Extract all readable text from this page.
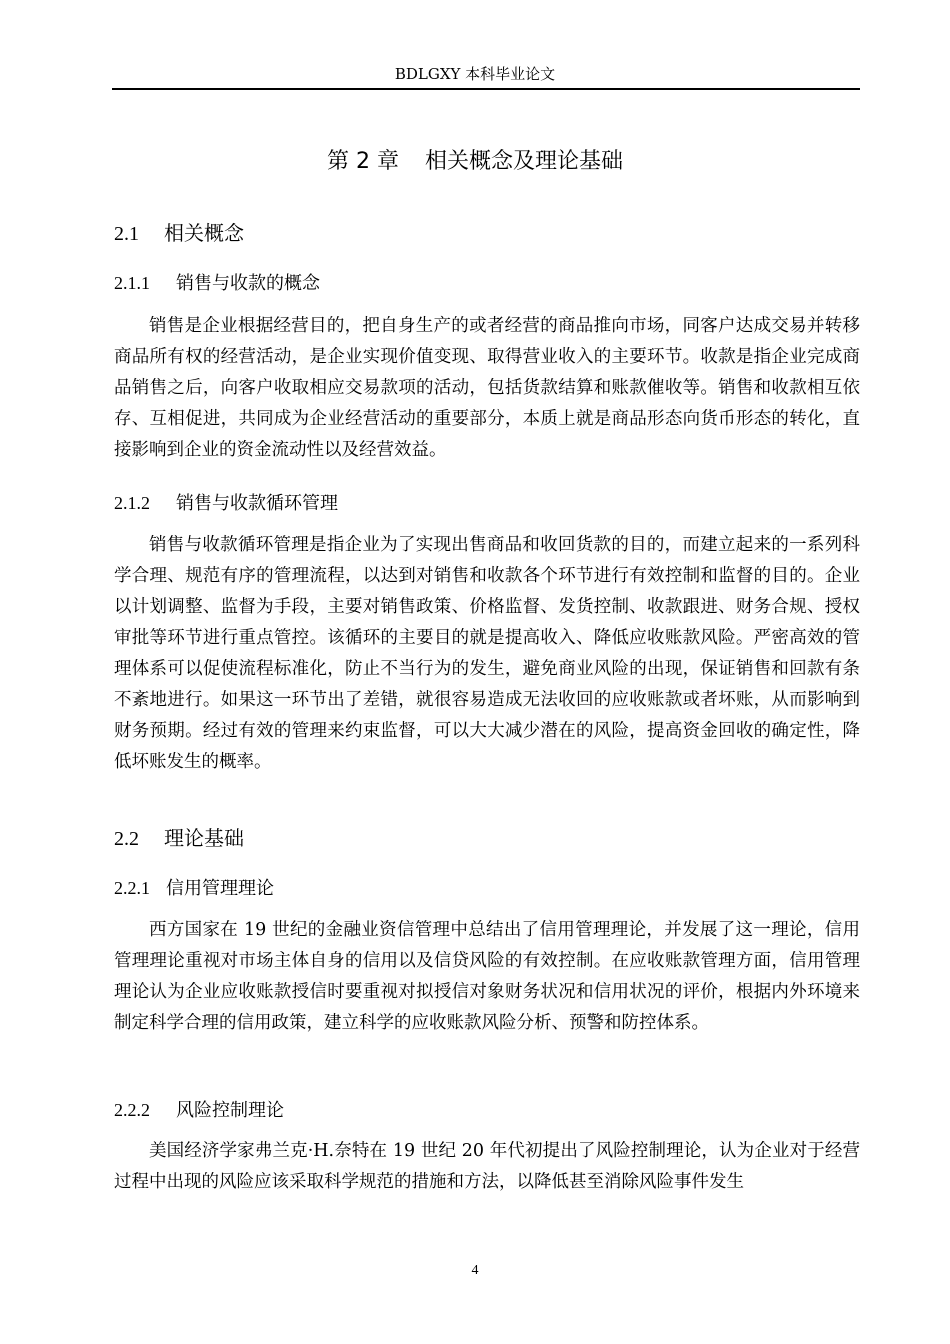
BDLGXY 本科毕业论文
第 2 章 相关概念及理论基础
2.1 相关概念
2.1.1 销售与收款的概念

销售是企业根据经营目的，把自身生产的或者经营的商品推向市场，同客户达成交易并转移商品所有权的经营活动，是企业实现价值变现、取得营业收入的主要环节。收款是指企业完成商品销售之后，向客户收取相应交易款项的活动，包括货款结算和账款催收等。销售和收款相互依存、互相促进，共同成为企业经营活动的重要部分，本质上就是商品形态向货币形态的转化，直接影响到企业的资金流动性以及经营效益。

2.1.2 销售与收款循环管理

销售与收款循环管理是指企业为了实现出售商品和收回货款的目的，而建立起来的一系列科学合理、规范有序的管理流程，以达到对销售和收款各个环节进行有效控制和监督的目的。企业以计划调整、监督为手段，主要对销售政策、价格监督、发货控制、收款跟进、财务合规、授权审批等环节进行重点管控。该循环的主要目的就是提高收入、降低应收账款风险。严密高效的管理体系可以促使流程标准化，防止不当行为的发生，避免商业风险的出现，保证销售和回款有条不紊地进行。如果这一环节出了差错，就很容易造成无法收回的应收账款或者坏账，从而影响到财务预期。经过有效的管理来约束监督，可以大大减少潜在的风险，提高资金回收的确定性，降低坏账发生的概率。

2.2 理论基础
2.2.1 信用管理理论

西方国家在 19 世纪的金融业资信管理中总结出了信用管理理论，并发展了这一理论，信用管理理论重视对市场主体自身的信用以及信贷风险的有效控制。在应收账款管理方面，信用管理理论认为企业应收账款授信时要重视对拟授信对象财务状况和信用状况的评价，根据内外环境来制定科学合理的信用政策，建立科学的应收账款风险分析、预警和防控体系。

2.2.2 风险控制理论

美国经济学家弗兰克·H.奈特在 19 世纪 20 年代初提出了风险控制理论，认为企业对于经营过程中出现的风险应该采取科学规范的措施和方法，以降低甚至消除风险事件发生

4
